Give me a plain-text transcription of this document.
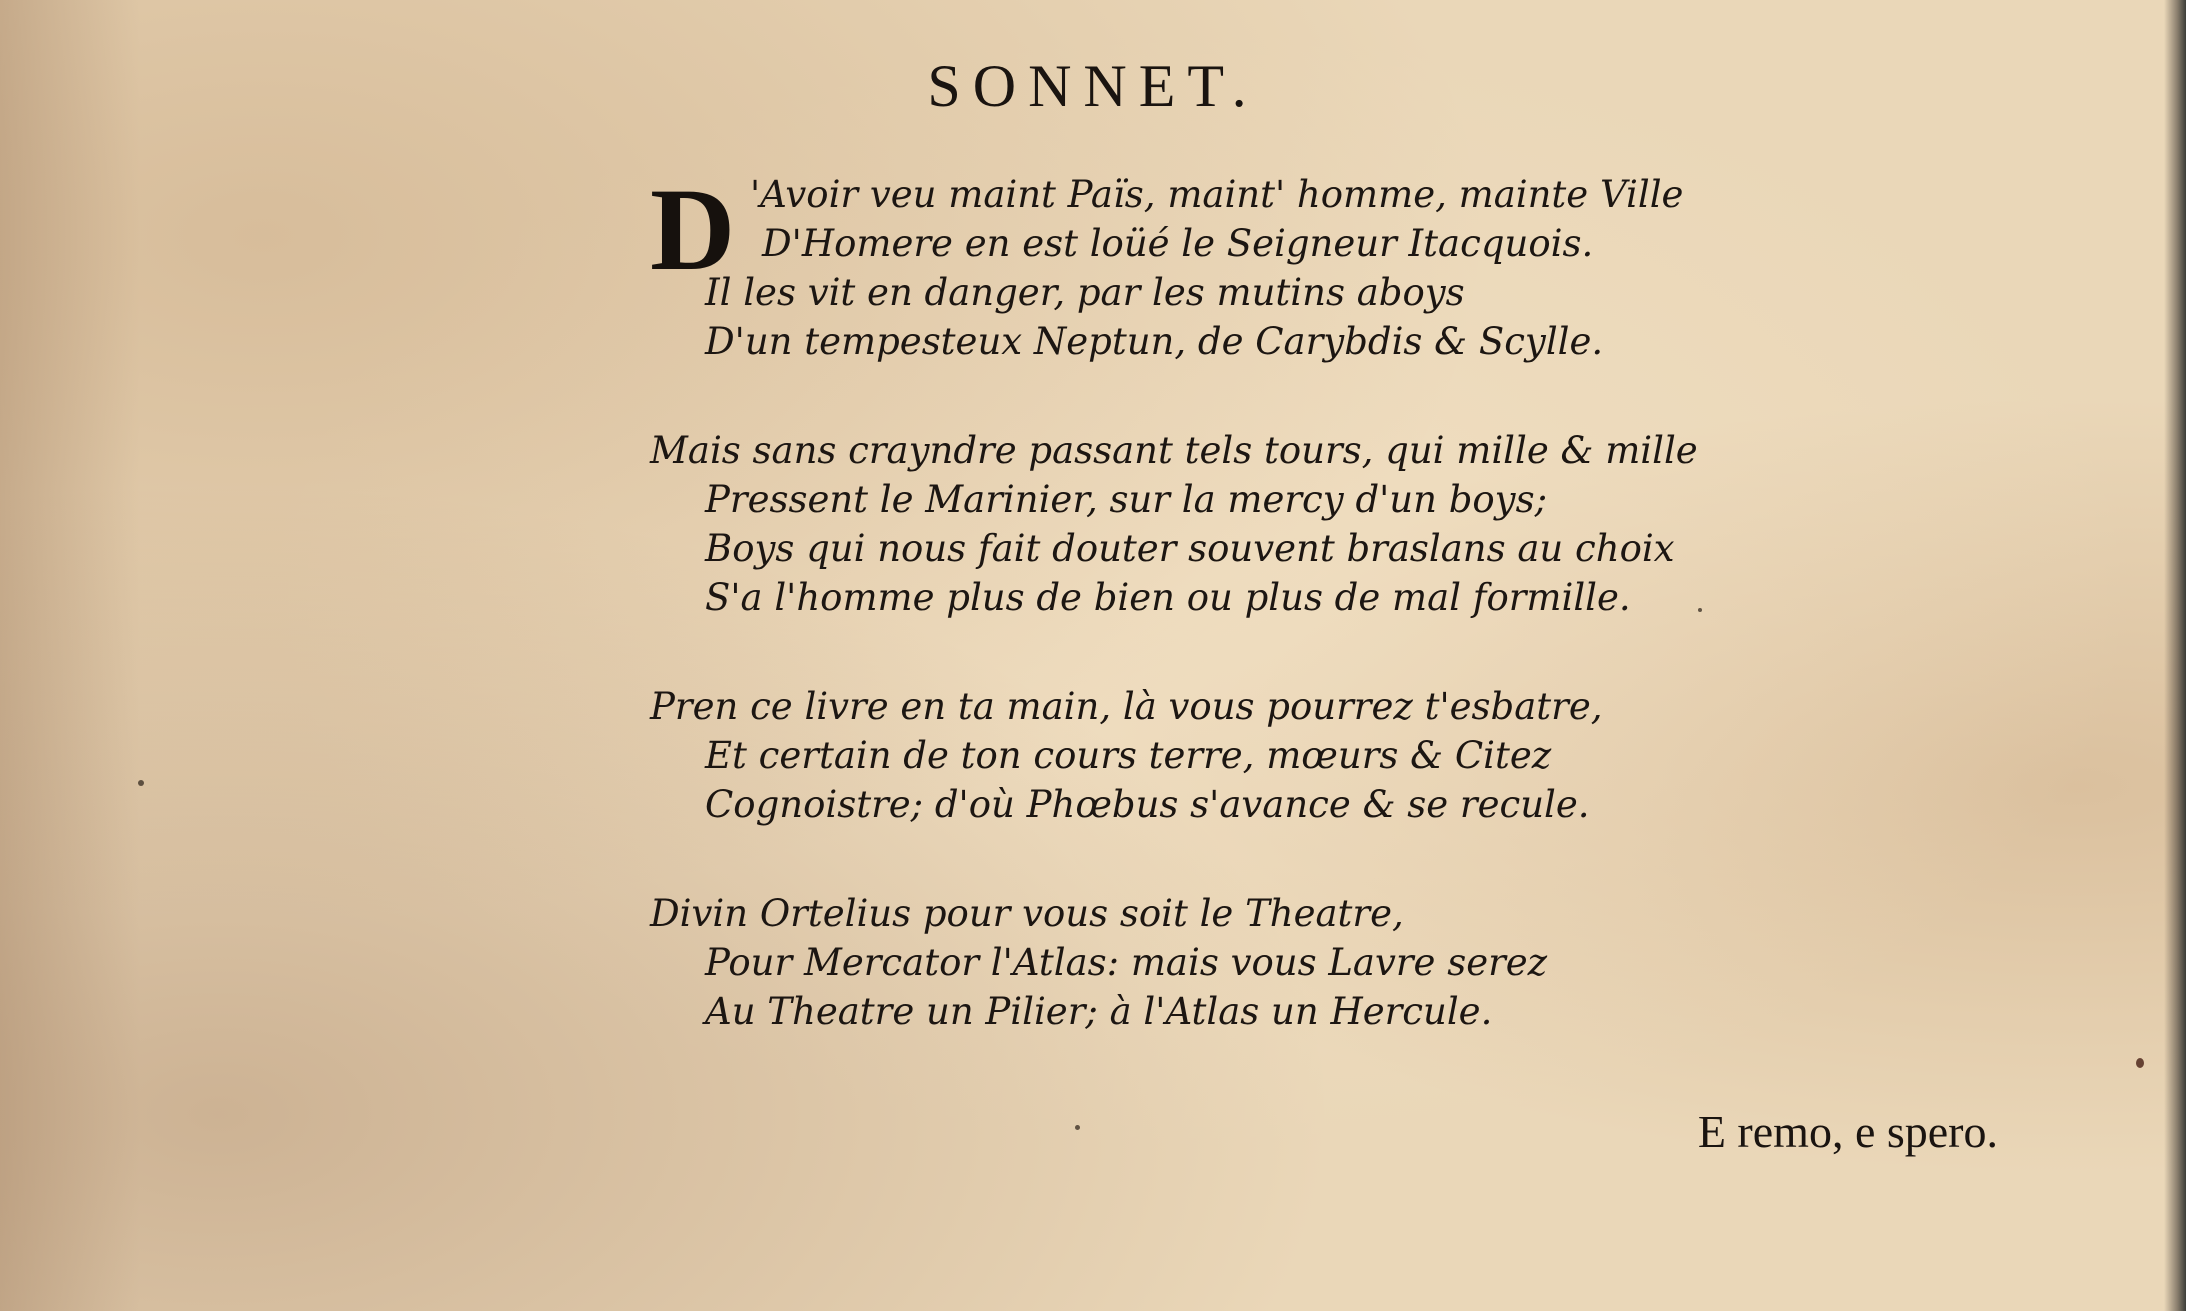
SONNET.
D 'Avoir veu maint Païs, maint' homme, mainte Ville
D'Homere en est loüé le Seigneur Itacquois.
Il les vit en danger, par les mutins aboys
D'un tempesteux Neptun, de Carybdis & Scylle.
Mais sans crayndre passant tels tours, qui mille & mille
Pressent le Marinier, sur la mercy d'un boys;
Boys qui nous fait douter souvent braslans au choix
S'a l'homme plus de bien ou plus de mal formille.
Pren ce livre en ta main, là vous pourrez t'esbatre,
Et certain de ton cours terre, mœurs & Citez
Cognoistre; d'où Phœbus s'avance & se recule.
Divin Ortelius pour vous soit le Theatre,
Pour Mercator l'Atlas: mais vous Lavre serez
Au Theatre un Pilier; à l'Atlas un Hercule.
E remo, e spero.
